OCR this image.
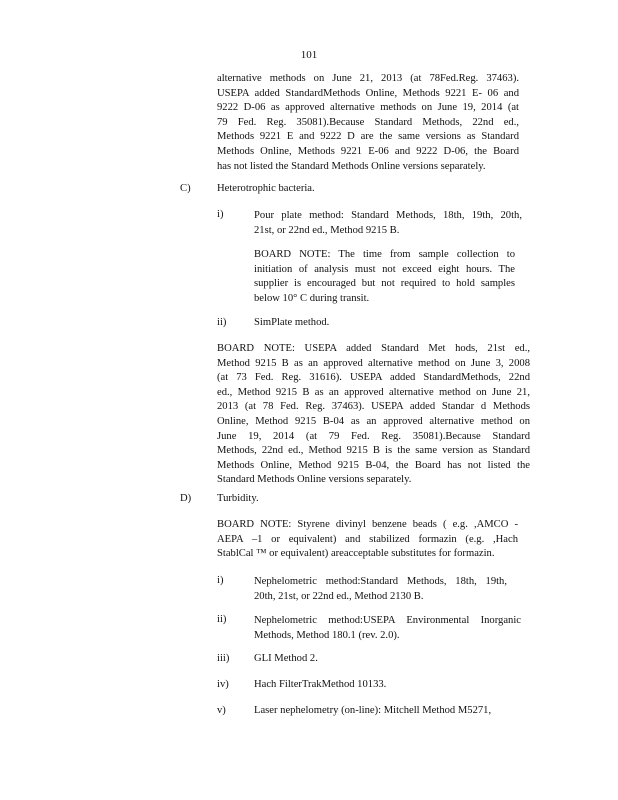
101
alternative methods on June 21, 2013 (at 78Fed.Reg. 37463).
USEPA added StandardMethods Online, Methods 9221 E- 06 and
9222 D-06 as approved alternative methods on June 19, 2014 (at
79 Fed. Reg. 35081).Because Standard Methods, 22nd ed.,
Methods 9221 E and 9222 D are the same versions as Standard
Methods Online, Methods 9221 E-06 and 9222 D-06, the Board
has not listed the Standard Methods Online versions separately.
C) Heterotrophic bacteria.
i)	Pour plate method: Standard Methods, 18th, 19th, 20th,
21st, or 22nd ed., Method 9215 B.
BOARD NOTE: The time from sample collection to
initiation of analysis must not exceed eight hours. The
supplier is encouraged but not required to hold samples
below 10° C during transit.
ii)	SimPlate method.
BOARD NOTE: USEPA added Standard Met hods, 21st ed.,
Method 9215 B as an approved alternative method on June 3, 2008
(at 73 Fed. Reg. 31616). USEPA added StandardMethods, 22nd
ed., Method 9215 B as an approved alternative method on June 21,
2013 (at 78 Fed. Reg. 37463). USEPA added Standar d Methods
Online, Method 9215 B-04 as an approved alternative method on
June 19, 2014 (at 79 Fed. Reg. 35081).Because Standard
Methods, 22nd ed., Method 9215 B is the same version as Standard
Methods Online, Method 9215 B-04, the Board has not listed the
Standard Methods Online versions separately.
D) Turbidity.
BOARD NOTE: Styrene divinyl benzene beads ( e.g. ,AMCO -
AEPA –1 or equivalent) and stabilized formazin (e.g. ,Hach
StablCal ™ or equivalent) areacceptable substitutes for formazin.
i)	Nephelometric method:Standard Methods, 18th, 19th,
20th, 21st, or 22nd ed., Method 2130 B.
ii)	Nephelometric method:USEPA Environmental Inorganic
Methods, Method 180.1 (rev. 2.0).
iii) GLI Method 2.
iv) Hach FilterTrakMethod 10133.
v)	Laser nephelometry (on-line): Mitchell Method M5271,
